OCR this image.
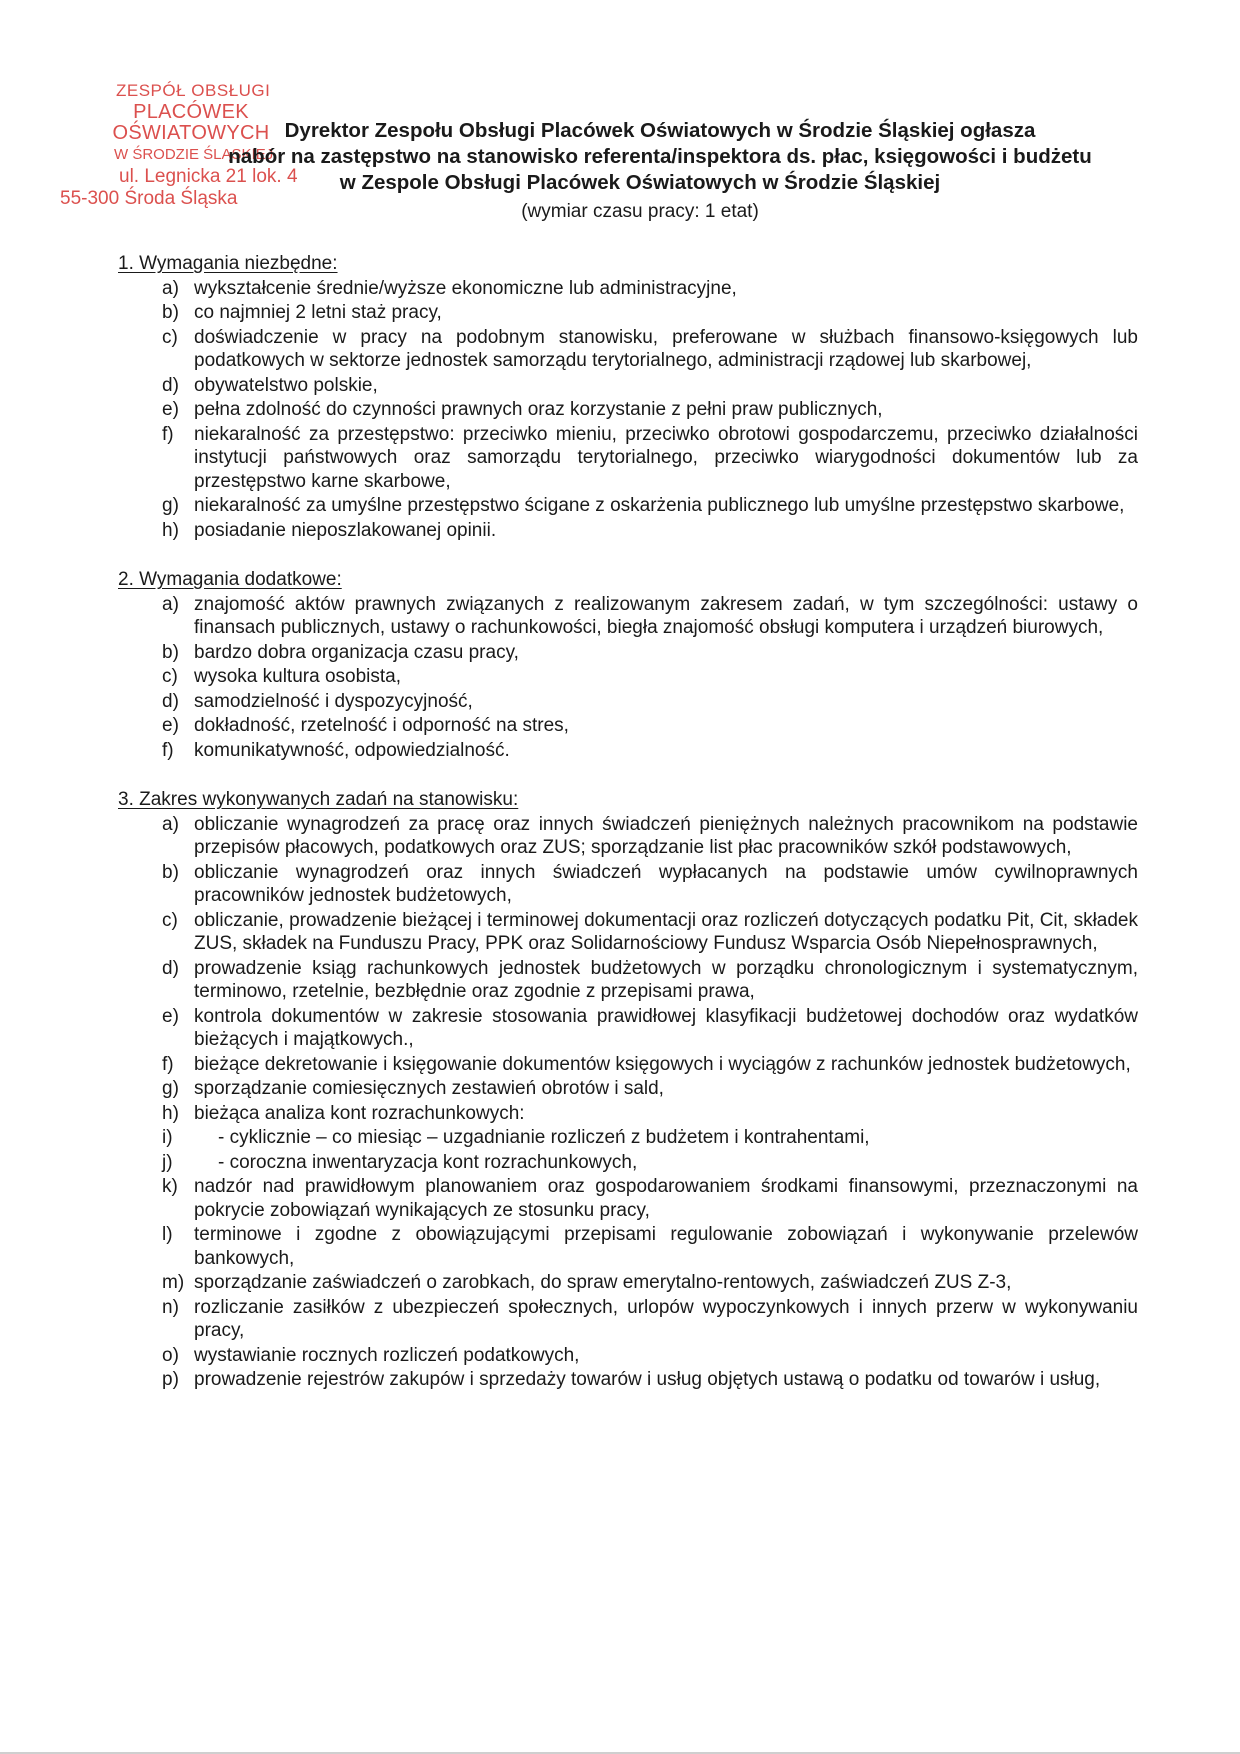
ZESPÓŁ OBSŁUGI
PLACÓWEK OŚWIATOWYCH
W ŚRODZIE ŚLĄSKIEJ
ul. Legnicka 21 lok. 4
55-300 Środa Śląska
Dyrektor Zespołu Obsługi Placówek Oświatowych w Środzie Śląskiej ogłasza
nabór na zastępstwo na stanowisko referenta/inspektora ds. płac, księgowości i budżetu
w Zespole Obsługi Placówek Oświatowych w Środzie Śląskiej
(wymiar czasu pracy: 1 etat)
1. Wymagania niezbędne:
a) wykształcenie średnie/wyższe ekonomiczne lub administracyjne,
b) co najmniej 2 letni staż pracy,
c) doświadczenie w pracy na podobnym stanowisku, preferowane w służbach finansowo-księgowych lub podatkowych w sektorze jednostek samorządu terytorialnego, administracji rządowej lub skarbowej,
d) obywatelstwo polskie,
e) pełna zdolność do czynności prawnych oraz korzystanie z pełni praw publicznych,
f) niekaralność za przestępstwo: przeciwko mieniu, przeciwko obrotowi gospodarczemu, przeciwko działalności instytucji państwowych oraz samorządu terytorialnego, przeciwko wiarygodności dokumentów lub za przestępstwo karne skarbowe,
g) niekaralność za umyślne przestępstwo ścigane z oskarżenia publicznego lub umyślne przestępstwo skarbowe,
h) posiadanie nieposzlakowanej opinii.
2. Wymagania dodatkowe:
a) znajomość aktów prawnych związanych z realizowanym zakresem zadań, w tym szczególności: ustawy o finansach publicznych, ustawy o rachunkowości, biegła znajomość obsługi komputera i urządzeń biurowych,
b) bardzo dobra organizacja czasu pracy,
c) wysoka kultura osobista,
d) samodzielność i dyspozycyjność,
e) dokładność, rzetelność i odporność na stres,
f) komunikatywność, odpowiedzialność.
3. Zakres wykonywanych zadań na stanowisku:
a) obliczanie wynagrodzeń za pracę oraz innych świadczeń pieniężnych należnych pracownikom na podstawie przepisów płacowych, podatkowych oraz ZUS; sporządzanie list płac pracowników szkół podstawowych,
b) obliczanie wynagrodzeń oraz innych świadczeń wypłacanych na podstawie umów cywilnoprawnych pracowników jednostek budżetowych,
c) obliczanie, prowadzenie bieżącej i terminowej dokumentacji oraz rozliczeń dotyczących podatku Pit, Cit, składek ZUS, składek na Funduszu Pracy, PPK oraz Solidarnościowy Fundusz Wsparcia Osób Niepełnosprawnych,
d) prowadzenie ksiąg rachunkowych jednostek budżetowych w porządku chronologicznym i systematycznym, terminowo, rzetelnie, bezbłędnie oraz zgodnie z przepisami prawa,
e) kontrola dokumentów w zakresie stosowania prawidłowej klasyfikacji budżetowej dochodów oraz wydatków bieżących i majątkowych.,
f) bieżące dekretowanie i księgowanie dokumentów księgowych i wyciągów z rachunków jednostek budżetowych,
g) sporządzanie comiesięcznych zestawień obrotów i sald,
h) bieżąca analiza kont rozrachunkowych:
i)	- cyklicznie – co miesiąc – uzgadnianie rozliczeń z budżetem i kontrahentami,
j)	- coroczna inwentaryzacja kont rozrachunkowych,
k) nadzór nad prawidłowym planowaniem oraz gospodarowaniem środkami finansowymi, przeznaczonymi na pokrycie zobowiązań wynikających ze stosunku pracy,
l) terminowe i zgodne z obowiązującymi przepisami regulowanie zobowiązań i wykonywanie przelewów bankowych,
m) sporządzanie zaświadczeń o zarobkach, do spraw emerytalno-rentowych, zaświadczeń ZUS Z-3,
n) rozliczanie zasiłków z ubezpieczeń społecznych, urlopów wypoczynkowych i innych przerw w wykonywaniu pracy,
o) wystawianie rocznych rozliczeń podatkowych,
p) prowadzenie rejestrów zakupów i sprzedaży towarów i usług objętych ustawą o podatku od towarów i usług,
